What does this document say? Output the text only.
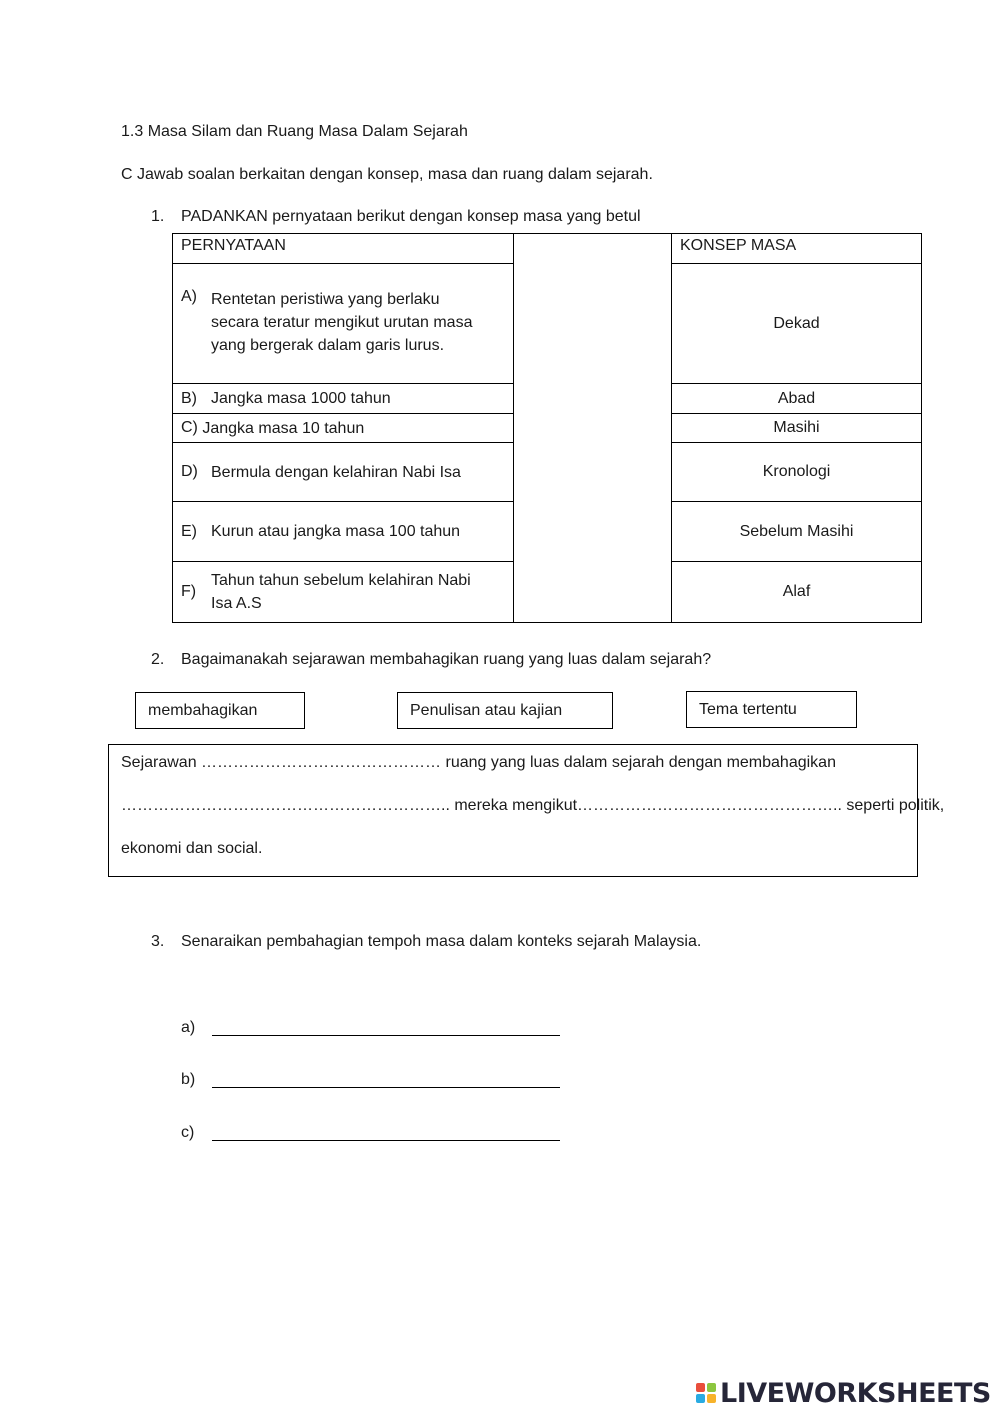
1.3 Masa Silam dan Ruang Masa Dalam Sejarah
C Jawab soalan berkaitan dengan konsep, masa dan ruang dalam sejarah.
1. PADANKAN pernyataan berikut dengan konsep masa yang betul
PERNYATAAN
A) Rentetan peristiwa yang berlaku
secara teratur mengikut urutan masa
yang bergerak dalam garis lurus.
B) Jangka masa 1000 tahun
C)
Jangka masa 10 tahun
D) Bermula dengan kelahiran Nabi Isa
E) Kurun atau jangka masa 100 tahun
F)
Tahun tahun sebelum kelahiran Nabi
Isa A.S
KONSEP MASA
Dekad
Abad
Masihi
Kronologi
Sebelum Masihi
Alaf
2. Bagaimanakah sejarawan membahagikan ruang yang luas dalam sejarah?
membahagikan	Penulisan atau kajian	Tema tertentu
Sejarawan ……………………………………… ruang yang luas dalam sejarah dengan membahagikan
…………………………………………………….. mereka mengikut………………………………………….. seperti politik,
ekonomi dan social.
3. Senaraikan pembahagian tempoh masa dalam konteks sejarah Malaysia.
a)
b)
c)
LIVEWORKSHEETS
